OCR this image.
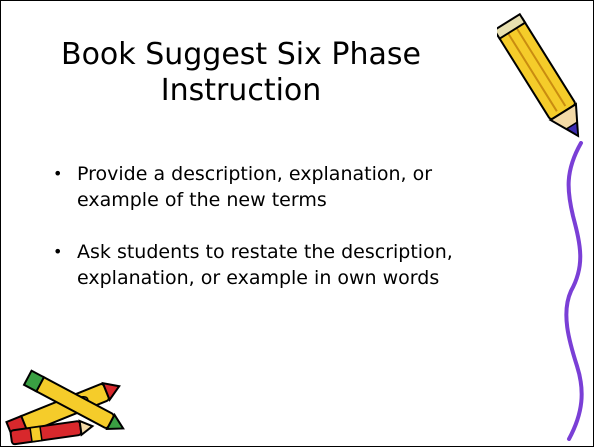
Book Suggest Six Phase Instruction
• Provide a description, explanation, or example of the new terms
• Ask students to restate the description, explanation, or example in own words
